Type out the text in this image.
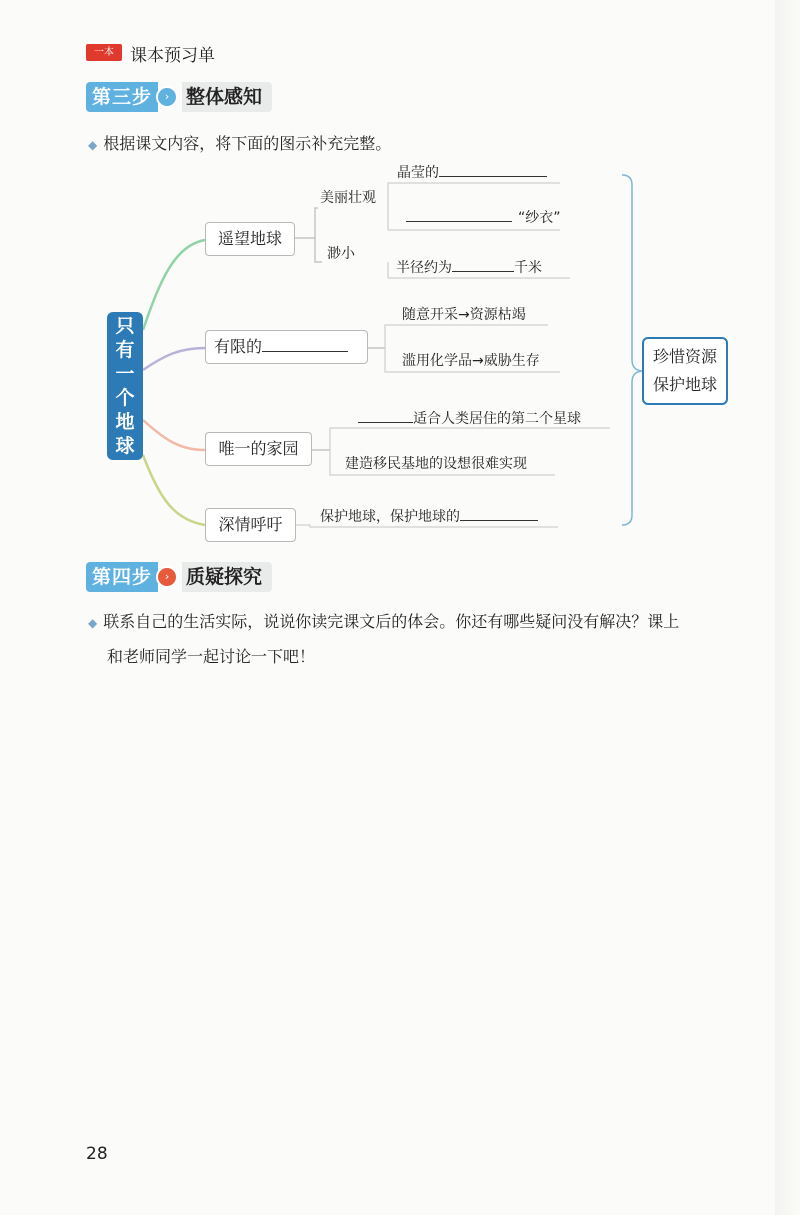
一本 课本预习单
第三步	› 整体感知
◆ 根据课文内容，将下面的图示补充完整。
只
有
一
个
地
球
遥望地球
美丽壮观
渺小
晶莹的
“纱衣”
半径约为	千米
有限的
随意开采→资源枯竭
滥用化学品→威胁生存
唯一的家园
适合人类居住的第二个星球
建造移民基地的设想很难实现
深情呼吁	保护地球，保护地球的
珍惜资源
保护地球
第四步	› 质疑探究
◆ 联系自己的生活实际，说说你读完课文后的体会。你还有哪些疑问没有解决？课上
和老师同学一起讨论一下吧！
28
